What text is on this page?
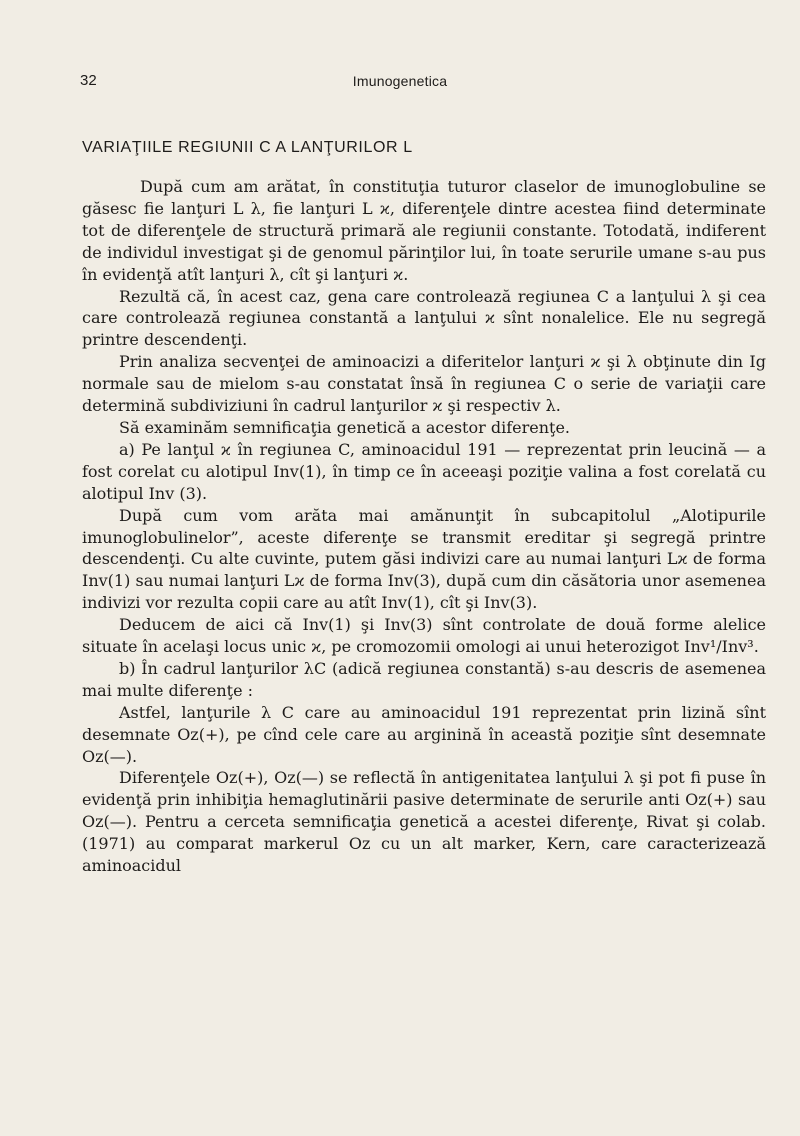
32	Imunogenetica
VARIAŢIILE REGIUNII C A LANŢURILOR L

După cum am arătat, în constituţia tuturor claselor de imunoglobuline se găsesc fie lanţuri L λ, fie lanţuri L ϰ, diferenţele dintre acestea fiind determinate tot de diferenţele de structură primară ale regiunii constante. Totodată, indiferent de individul investigat şi de genomul părinţilor lui, în toate serurile umane s-au pus în evidenţă atît lanţuri λ, cît şi lanţuri ϰ.

Rezultă că, în acest caz, gena care controlează regiunea C a lanţului λ şi cea care controlează regiunea constantă a lanţului ϰ sînt nonalelice. Ele nu segregă printre descendenţi.

Prin analiza secvenţei de aminoacizi a diferitelor lanţuri ϰ şi λ obţinute din Ig normale sau de mielom s-au constatat însă în regiunea C o serie de variaţii care determină subdiviziuni în cadrul lanţurilor ϰ şi respectiv λ.

Să examinăm semnificaţia genetică a acestor diferenţe.

a) Pe lanţul ϰ în regiunea C, aminoacidul 191 — reprezentat prin leucină — a fost corelat cu alotipul Inv(1), în timp ce în aceeaşi poziţie valina a fost corelată cu alotipul Inv (3).

După cum vom arăta mai amănunţit în subcapitolul „Alotipurile imunoglobulinelor”, aceste diferenţe se transmit ereditar şi segregă printre descendenţi. Cu alte cuvinte, putem găsi indivizi care au numai lanţuri Lϰ de forma Inv(1) sau numai lanţuri Lϰ de forma Inv(3), după cum din căsătoria unor asemenea indivizi vor rezulta copii care au atît Inv(1), cît şi Inv(3).

Deducem de aici că Inv(1) şi Inv(3) sînt controlate de două forme alelice situate în acelaşi locus unic ϰ, pe cromozomii omologi ai unui heterozigot Inv¹/Inv³.

b) În cadrul lanţurilor λC (adică regiunea constantă) s-au descris de asemenea mai multe diferenţe :

Astfel, lanţurile λ C care au aminoacidul 191 reprezentat prin lizină sînt desemnate Oz(+), pe cînd cele care au arginină în această poziţie sînt desemnate Oz(—).

Diferenţele Oz(+), Oz(—) se reflectă în antigenitatea lanţului λ şi pot fi puse în evidenţă prin inhibiţia hemaglutinării pasive determinate de serurile anti Oz(+) sau Oz(—). Pentru a cerceta semnificaţia genetică a acestei diferenţe, Rivat şi colab. (1971) au comparat markerul Oz cu un alt marker, Kern, care caracterizează aminoacidul
